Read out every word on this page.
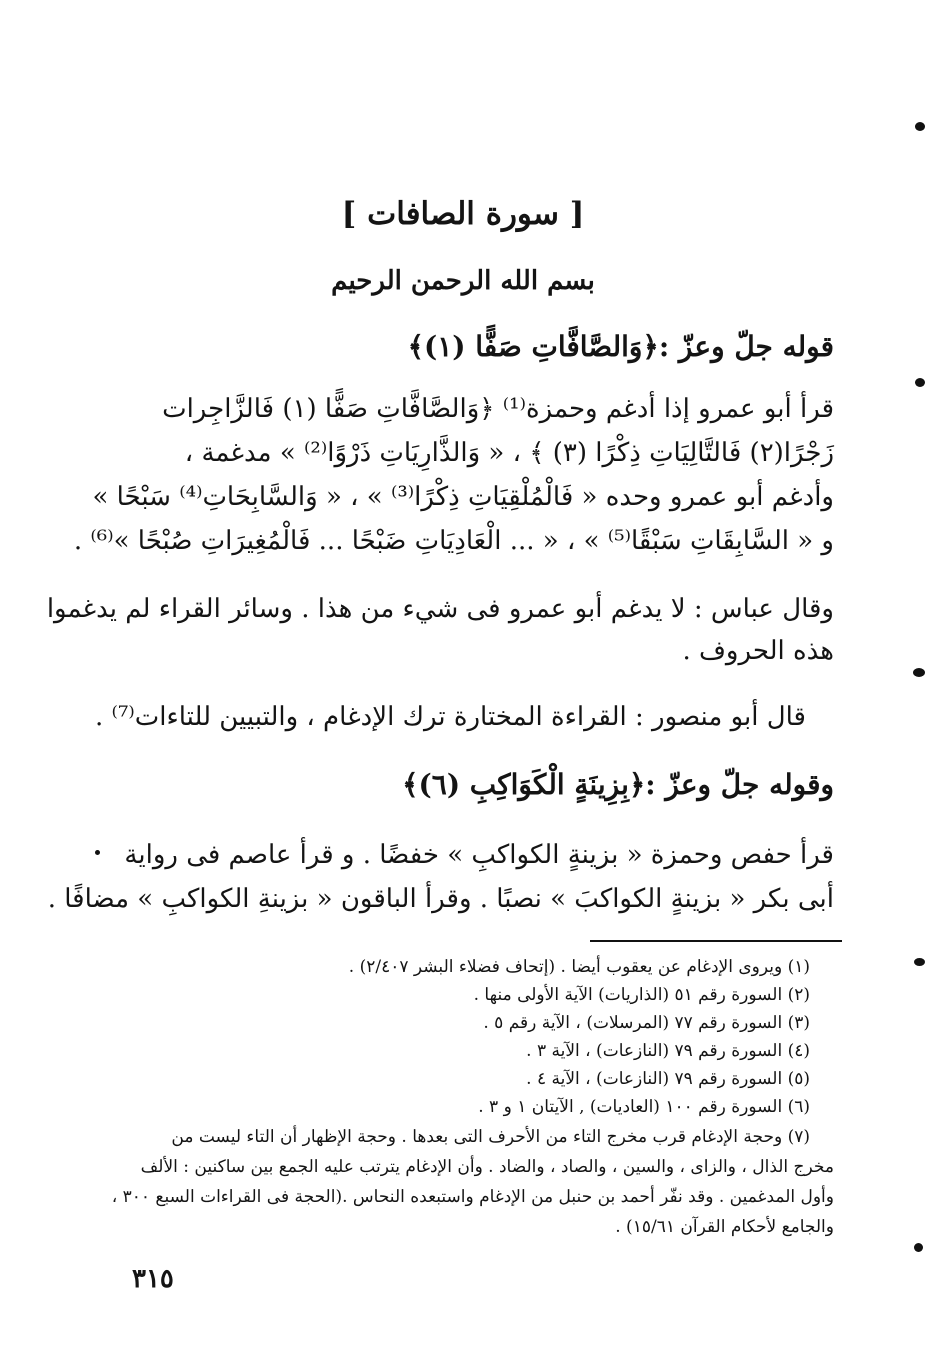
[ سورة الصافات ]
بسم الله الرحمن الرحيم
قوله جلّ وعزّ :﴿وَالصَّافَّاتِ صَفًّا (١)﴾
قرأ أبو عمرو إذا أدغم وحمزة⁽¹⁾ ﴿وَالصَّافَّاتِ صَفًّا (١) فَالزَّاجِرات
زَجْرًا(٢) فَالتَّالِيَاتِ ذِكْرًا (٣) ﴾ ، « وَالذَّارِيَاتِ ذَرْوًا⁽²⁾ » مدغمة ،
وأدغم أبو عمرو وحده « فَالْمُلْقِيَاتِ ذِكْرًا⁽³⁾ » ، « وَالسَّابِحَاتِ⁽⁴⁾ سَبْحًا »
و « السَّابِقَاتِ سَبْقًا⁽⁵⁾ » ، « ... الْعَادِيَاتِ ضَبْحًا ... فَالْمُغِيرَاتِ صُبْحًا »⁽⁶⁾ .
وقال عباس : لا يدغم أبو عمرو فى شيء من هذا . وسائر القراء لم يدغموا
هذه الحروف .
قال أبو منصور : القراءة المختارة ترك الإدغام ، والتبيين للتاءات⁽⁷⁾ .
وقوله جلّ وعزّ :﴿بِزِينَةٍ الْكَوَاكِبِ (٦)﴾
قرأ حفص وحمزة « بزينةٍ الكواكبِ » خفضًا . و قرأ عاصم فى رواية
أبى بكر « بزينةٍ الكواكبَ » نصبًا . وقرأ الباقون « بزينةِ الكواكبِ » مضافًا .
(١) ويروى الإدغام عن يعقوب أيضا . (إتحاف فضلاء البشر ٢/٤٠٧) .
(٢) السورة رقم ٥١ (الذاريات) الآية الأولى منها .
(٣) السورة رقم ٧٧ (المرسلات) ، الآية رقم ٥ .
(٤) السورة رقم ٧٩ (النازعات) ، الآية ٣ .
(٥) السورة رقم ٧٩ (النازعات) ، الآية ٤ .
(٦) السورة رقم ١٠٠ (العاديات) , الآيتان ١ و ٣ .
(٧) وحجة الإدغام قرب مخرج التاء من الأحرف التى بعدها . وحجة الإظهار أن التاء ليست من
مخرج الذال ، والزاى ، والسين ، والصاد ، والضاد . وأن الإدغام يترتب عليه الجمع بين ساكنين : الألف
وأول المدغمين . وقد نفّر أحمد بن حنبل من الإدغام واستبعده النحاس .(الحجة فى القراءات السبع ٣٠٠ ،
والجامع لأحكام القرآن ١٥/٦١) .
٣١٥
